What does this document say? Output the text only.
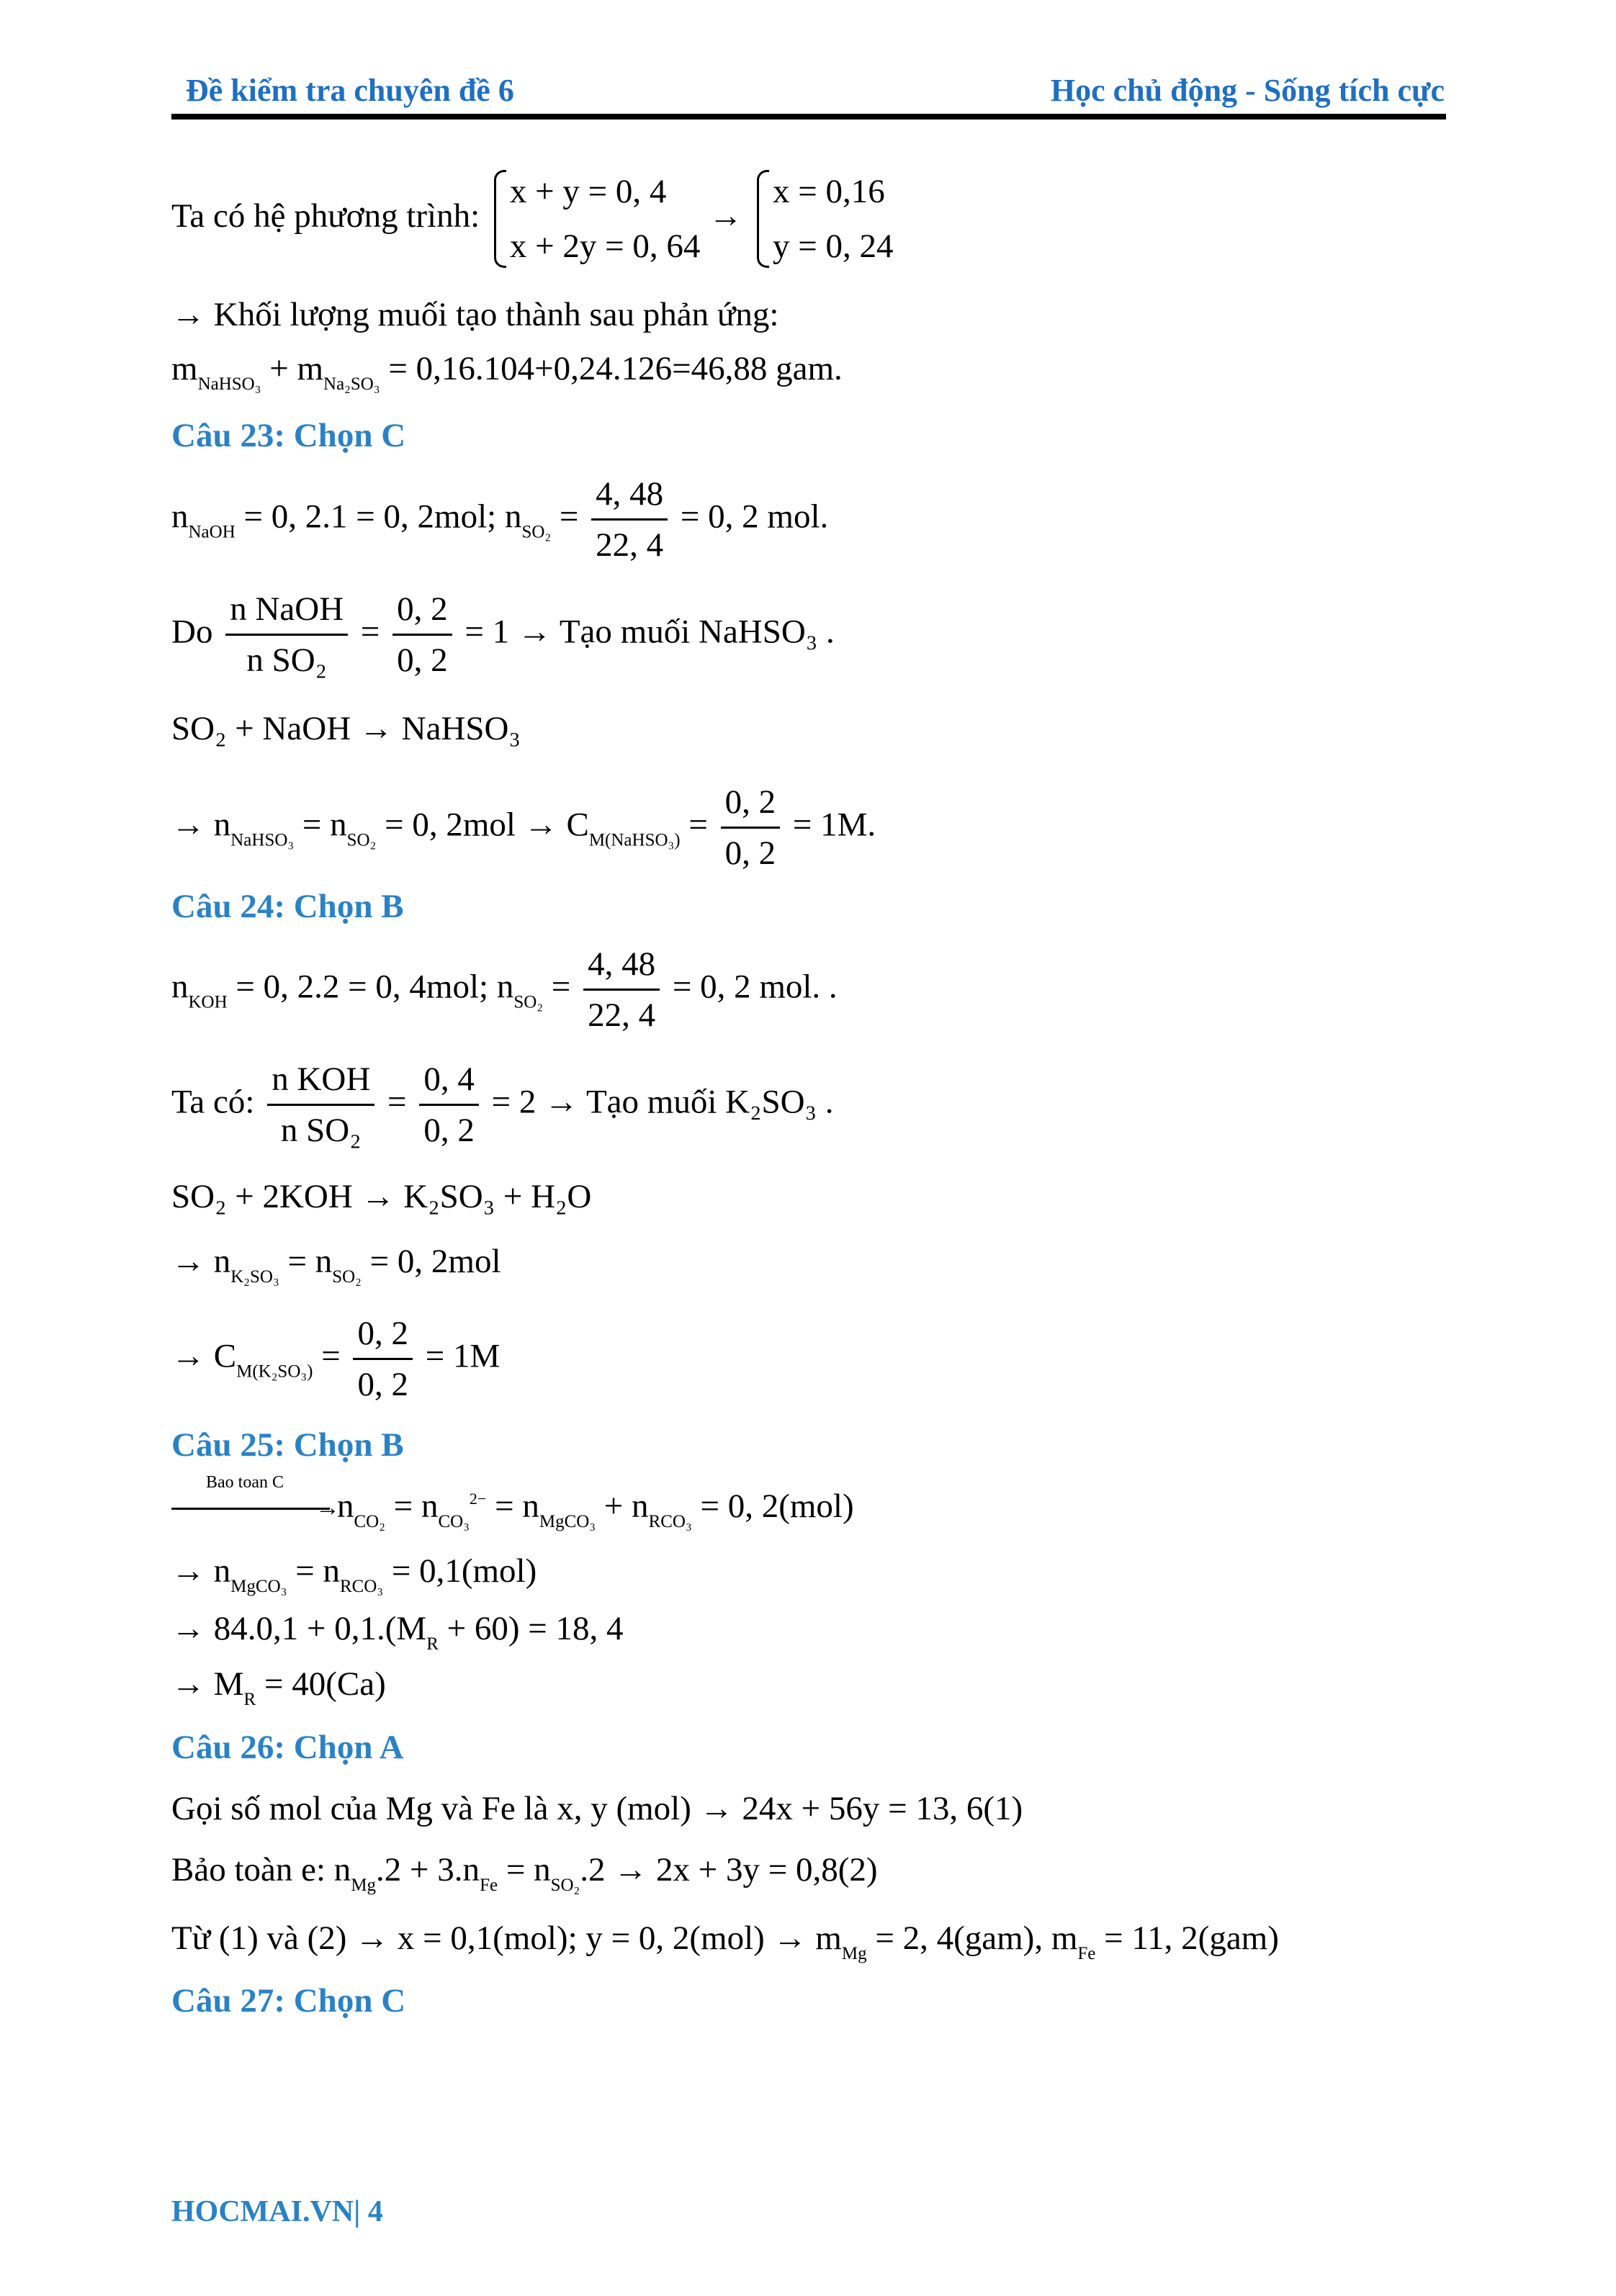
Đề kiểm tra chuyên đề 6	Học chủ động - Sống tích cực
Ta có hệ phương trình:
x + y = 0, 4
x + 2y = 0, 64
→
x = 0,16
y = 0, 24
→ Khối lượng muối tạo thành sau phản ứng:
$m_{NaHSO_3} + m_{Na_2SO_3} = 0,16.104+0,24.126=46,88$ gam.
Câu 23: Chọn C
$n_{NaOH} = 0$, 2.1 = 0, 2mol; $n_{SO_2} = \frac{4, 48}{22, 4} = 0$, 2 mol.
Do $\frac{\text{n NaOH}}{\text{n SO₂}} = \frac{0, 2}{0, 2} = 1$ → Tạo muối NaHSO₃ .
SO₂ + NaOH → NaHSO₃
→ $n_{NaHSO_3} = n_{SO_2} = 0$, $2mol \to C_{M(NaHSO_3)} = \frac{0, 2}{0, 2} = 1M$.
Câu 24: Chọn B
$n_{KOH} = 0$, 2.2 = 0, 4mol; $n_{SO_2} = \frac{4, 48}{22, 4} = 0$, 2 mol. .
Ta có: $\frac{\text{n KOH}}{\text{n SO₂}} = \frac{0, 4}{0, 2} = 2$ → Tạo muối K₂SO₃ .
SO₂ + 2KOH → K₂SO₃ + H₂O
→ $n_{K_2SO_3} = n_{SO_2} = 0$, 2mol
→ $C_{M(K_2SO_3)} = \frac{0, 2}{0, 2} = 1M$
Câu 25: Chọn B
Bao toan C
→
$n_{CO_2} = n_{CO_3}^{2-} = n_{MgCO_3} + n_{RCO_3} = 0$, 2(mol)
→ $n_{MgCO_3} = n_{RCO_3} = 0,1(mol)$
→ $84.0,1 + 0,1.(M_R + 60) = 18$, 4
→ $M_R = 40(Ca)$
Câu 26: Chọn A
Gọi số mol của Mg và Fe là x, y (mol) → 24x + 56y = 13, 6(1)
Bảo toàn e: $n_{Mg}.2 + 3.n_{Fe} = n_{SO_2}.2 \to 2x + 3y = 0,8(2)$
Từ (1) và (2) → x = 0,1(mol); y = 0, $2(mol) \to m_{Mg} = 2$, 4(gam), $m_{Fe} = 11$, 2(gam)
Câu 27: Chọn C
HOCMAI.VN| 4
